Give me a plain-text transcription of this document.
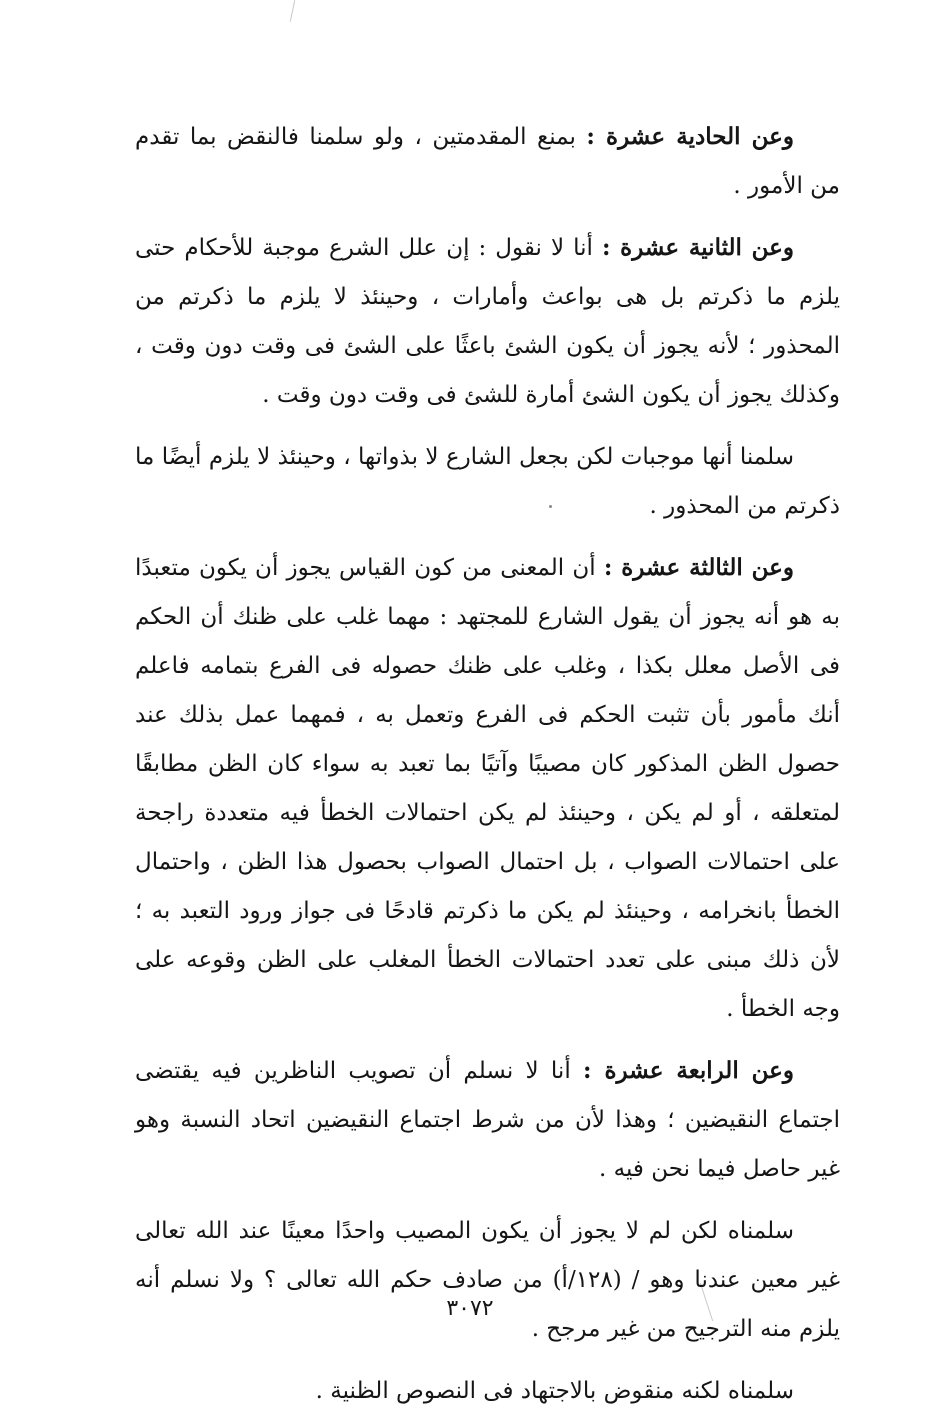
وعن الحادية عشرة : بمنع المقدمتين ، ولو سلمنا فالنقض بما تقدم من الأمور .

وعن الثانية عشرة : أنا لا نقول : إن علل الشرع موجبة للأحكام حتى يلزم ما ذكرتم بل هى بواعث وأمارات ، وحينئذ لا يلزم ما ذكرتم من المحذور ؛ لأنه يجوز أن يكون الشئ باعثًا على الشئ فى وقت دون وقت ، وكذلك يجوز أن يكون الشئ أمارة للشئ فى وقت دون وقت .

سلمنا أنها موجبات لكن بجعل الشارع لا بذواتها ، وحينئذ لا يلزم أيضًا ما ذكرتم من المحذور .

وعن الثالثة عشرة : أن المعنى من كون القياس يجوز أن يكون متعبدًا به هو أنه يجوز أن يقول الشارع للمجتهد : مهما غلب على ظنك أن الحكم فى الأصل معلل بكذا ، وغلب على ظنك حصوله فى الفرع بتمامه فاعلم أنك مأمور بأن تثبت الحكم فى الفرع وتعمل به ، فمهما عمل بذلك عند حصول الظن المذكور كان مصيبًا وآتيًا بما تعبد به سواء كان الظن مطابقًا لمتعلقه ، أو لم يكن ، وحينئذ لم يكن احتمالات الخطأ فيه متعددة راجحة على احتمالات الصواب ، بل احتمال الصواب بحصول هذا الظن ، واحتمال الخطأ بانخرامه ، وحينئذ لم يكن ما ذكرتم قادحًا فى جواز ورود التعبد به ؛ لأن ذلك مبنى على تعدد احتمالات الخطأ المغلب على الظن وقوعه على وجه الخطأ .

وعن الرابعة عشرة : أنا لا نسلم أن تصويب الناظرين فيه يقتضى اجتماع النقيضين ؛ وهذا لأن من شرط اجتماع النقيضين اتحاد النسبة وهو غير حاصل فيما نحن فيه .

سلمناه لكن لم لا يجوز أن يكون المصيب واحدًا معينًا عند الله تعالى غير معين عندنا وهو / (١٢٨/أ) من صادف حكم الله تعالى ؟ ولا نسلم أنه يلزم منه الترجيح من غير مرجح .

سلمناه لكنه منقوض بالاجتهاد فى النصوص الظنية .

٣٠٧٢
